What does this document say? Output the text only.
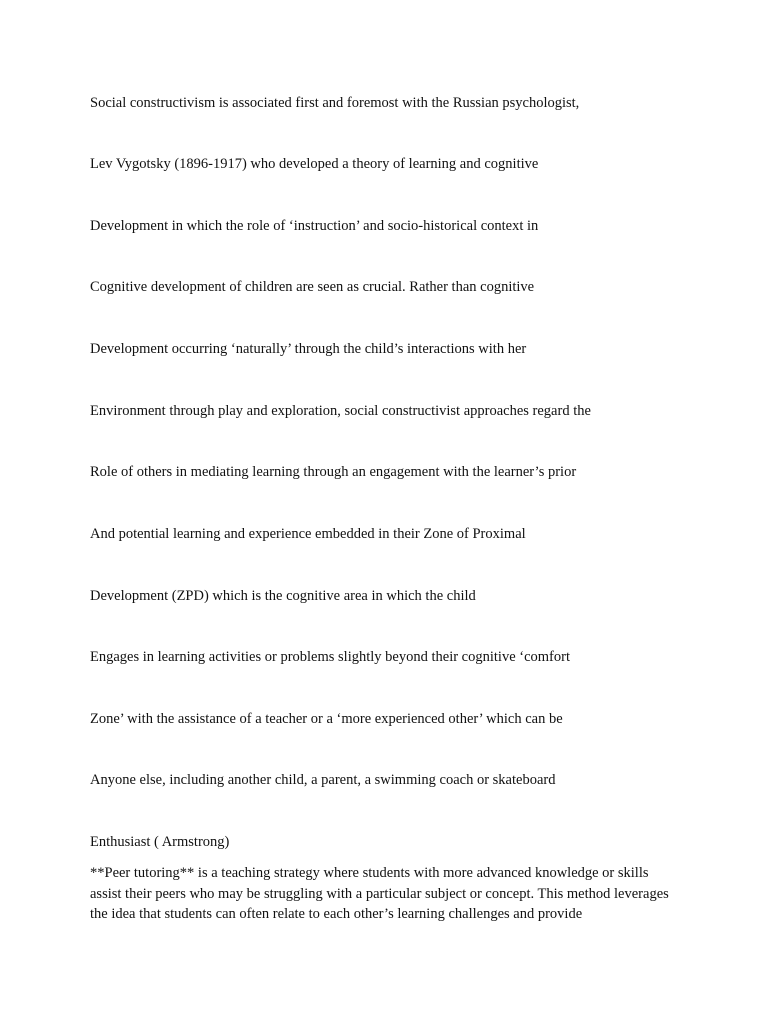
Social constructivism is associated first and foremost with the Russian psychologist,
Lev Vygotsky (1896-1917) who developed a theory of learning and cognitive
Development in which the role of ‘instruction’ and socio-historical context in
Cognitive development of children are seen as crucial. Rather than cognitive
Development occurring ‘naturally’ through the child’s interactions with her
Environment through play and exploration, social constructivist approaches regard the
Role of others in mediating learning through an engagement with the learner’s prior
And potential learning and experience embedded in their Zone of Proximal
Development (ZPD) which is the cognitive area in which the child
Engages in learning activities or problems slightly beyond their cognitive ‘comfort
Zone’ with the assistance of a teacher or a ‘more experienced other’ which can be
Anyone else, including another child, a parent, a swimming coach or skateboard
Enthusiast ( Armstrong)

**Peer tutoring** is a teaching strategy where students with more advanced knowledge or skills assist their peers who may be struggling with a particular subject or concept. This method leverages the idea that students can often relate to each other’s learning challenges and provide
